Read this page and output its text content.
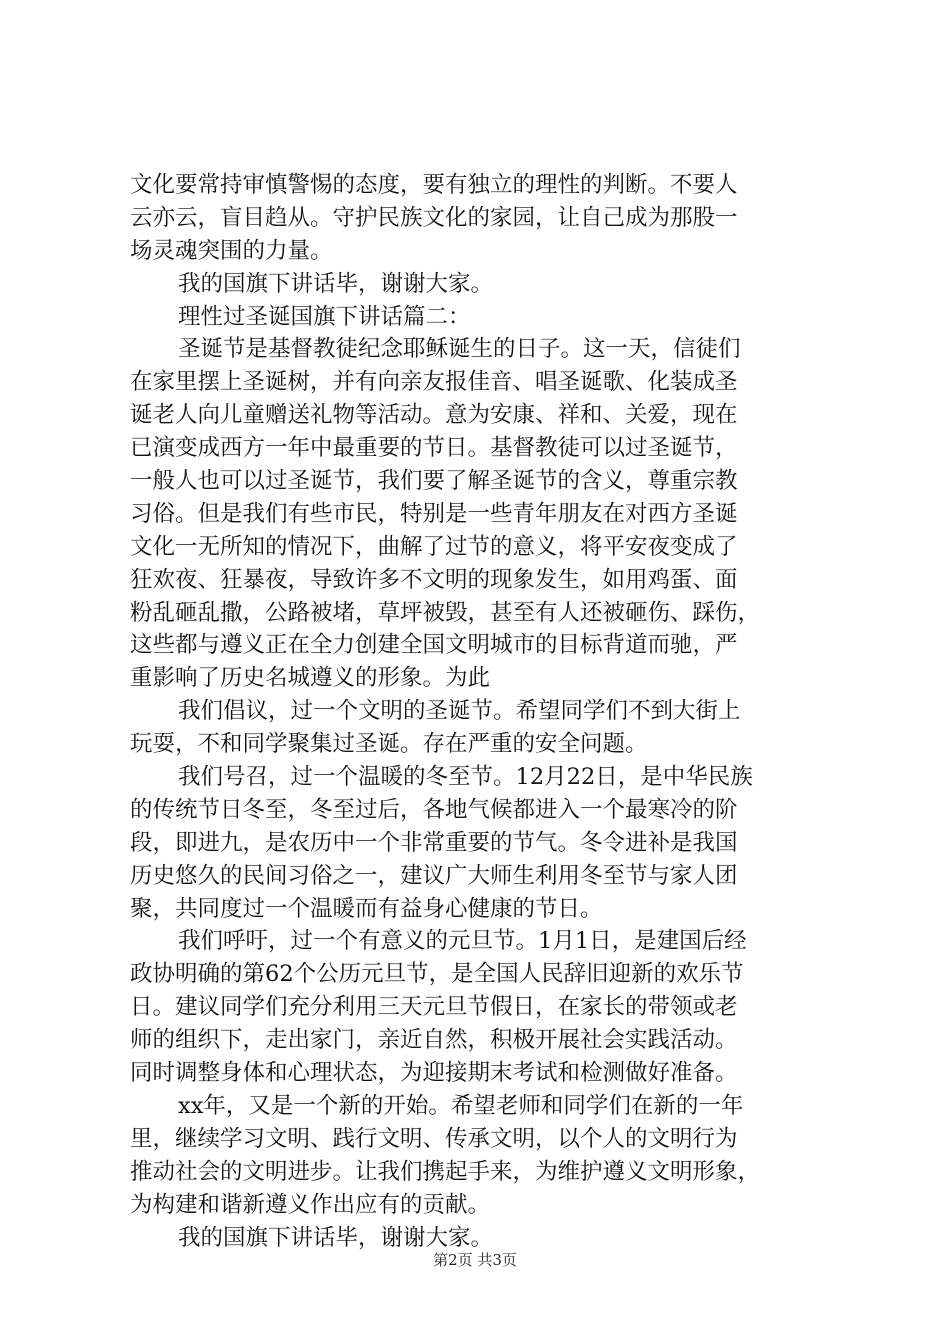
文化要常持审慎警惕的态度，要有独立的理性的判断。不要人
云亦云，盲目趋从。守护民族文化的家园，让自己成为那股一
场灵魂突围的力量。
我的国旗下讲话毕，谢谢大家。
理性过圣诞国旗下讲话篇二：
圣诞节是基督教徒纪念耶稣诞生的日子。这一天，信徒们
在家里摆上圣诞树，并有向亲友报佳音、唱圣诞歌、化装成圣
诞老人向儿童赠送礼物等活动。意为安康、祥和、关爱，现在
已演变成西方一年中最重要的节日。基督教徒可以过圣诞节，
一般人也可以过圣诞节，我们要了解圣诞节的含义，尊重宗教
习俗。但是我们有些市民，特别是一些青年朋友在对西方圣诞
文化一无所知的情况下，曲解了过节的意义，将平安夜变成了
狂欢夜、狂暴夜，导致许多不文明的现象发生，如用鸡蛋、面
粉乱砸乱撒，公路被堵，草坪被毁，甚至有人还被砸伤、踩伤，
这些都与遵义正在全力创建全国文明城市的目标背道而驰，严
重影响了历史名城遵义的形象。为此
我们倡议，过一个文明的圣诞节。希望同学们不到大街上
玩耍，不和同学聚集过圣诞。存在严重的安全问题。
我们号召，过一个温暖的冬至节。12月22日，是中华民族
的传统节日冬至，冬至过后，各地气候都进入一个最寒冷的阶
段，即进九，是农历中一个非常重要的节气。冬令进补是我国
历史悠久的民间习俗之一，建议广大师生利用冬至节与家人团
聚，共同度过一个温暖而有益身心健康的节日。
我们呼吁，过一个有意义的元旦节。1月1日，是建国后经
政协明确的第62个公历元旦节，是全国人民辞旧迎新的欢乐节
日。建议同学们充分利用三天元旦节假日，在家长的带领或老
师的组织下，走出家门，亲近自然，积极开展社会实践活动。
同时调整身体和心理状态，为迎接期末考试和检测做好准备。
xx年，又是一个新的开始。希望老师和同学们在新的一年
里，继续学习文明、践行文明、传承文明，以个人的文明行为
推动社会的文明进步。让我们携起手来，为维护遵义文明形象，
为构建和谐新遵义作出应有的贡献。
我的国旗下讲话毕，谢谢大家。
第2页 共3页
